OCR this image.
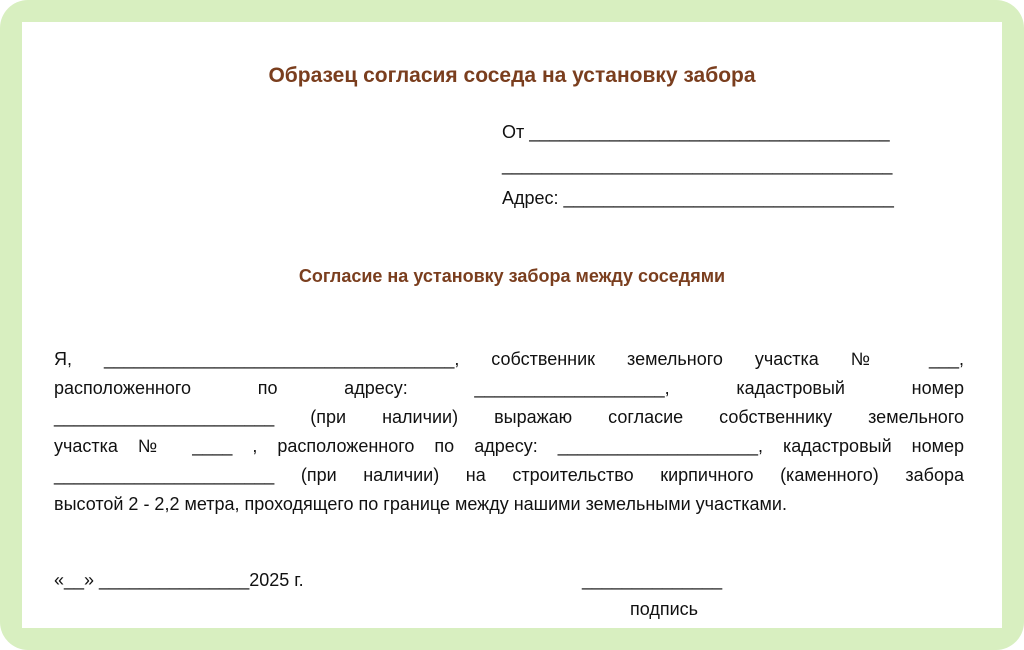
Образец согласия соседа на установку забора
От ____________________________________
_______________________________________
Адрес: _________________________________
Согласие на установку забора между соседями
Я, ___________________________________, собственник земельного участка № ___,
расположенного по адресу: ___________________, кадастровый номер
______________________ (при наличии) выражаю согласие собственнику земельного
участка № ____ , расположенного по адресу: ____________________, кадастровый номер
______________________ (при наличии) на строительство кирпичного (каменного) забора
высотой 2 - 2,2 метра, проходящего по границе между нашими земельными участками.
«__» _______________2025 г.	______________
подпись
